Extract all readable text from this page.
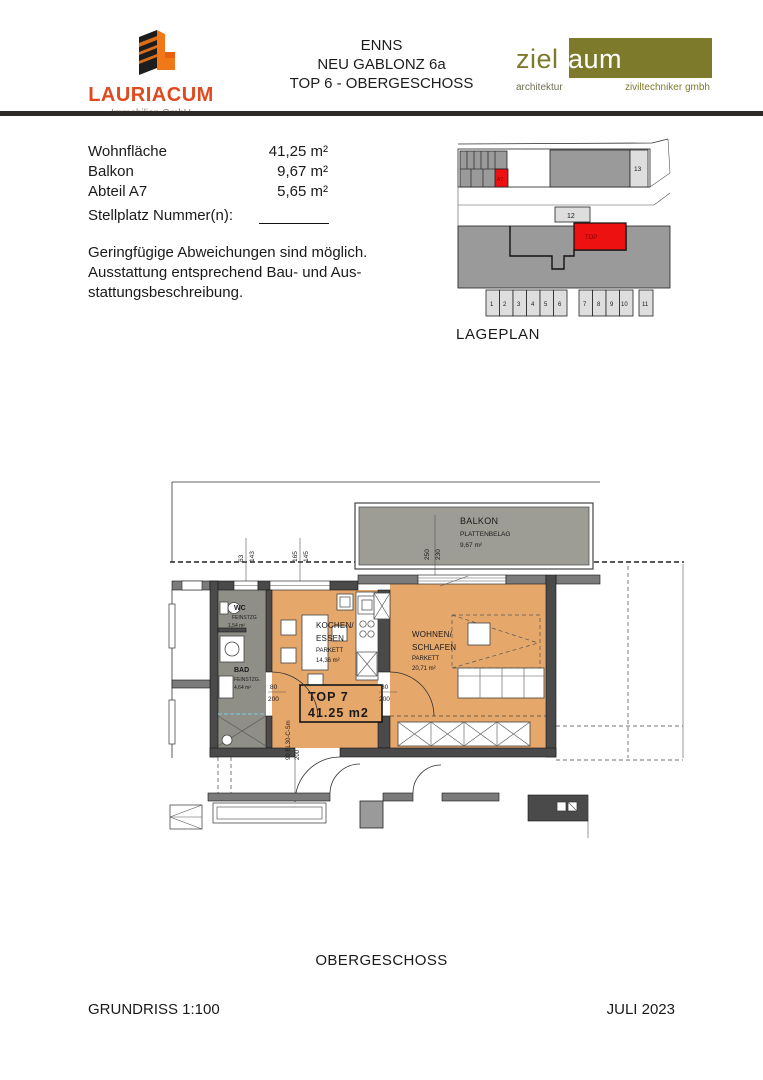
LAURIACUM
ENNS
NEU GABLONZ 6a
TOP 6 - OBERGESCHOSS
zielraum
architektur	ziviltechniker gmbh
Wohnfläche	41,25 m²
Balkon	9,67 m²
Abteil A7	5,65 m²
Stellplatz Nummer(n):
Geringfügige Abweichungen sind möglich.
Ausstattung entsprechend Bau- und Aus-
stattungsbeschreibung.
A7
13
12
TOP
1 2 3 4 5 6	7 8 9 10 11
LAGEPLAN
BALKON
PLATTENBELAG
9,67 m²
250 230
63 143	165 145
WC
FEINSTZG
1,54 m²
BAD
FEINSTZG.
4,64 m²
KOCHEN/
ESSEN
PARKETT
14,36 m²
WOHNEN/
SCHLAFEN
PARKETT
20,71 m²
TOP 7
41.25 m2
80
200
80
200
90 EL30-C-Sm 200
OBERGESCHOSS
GRUNDRISS 1:100	JULI 2023
